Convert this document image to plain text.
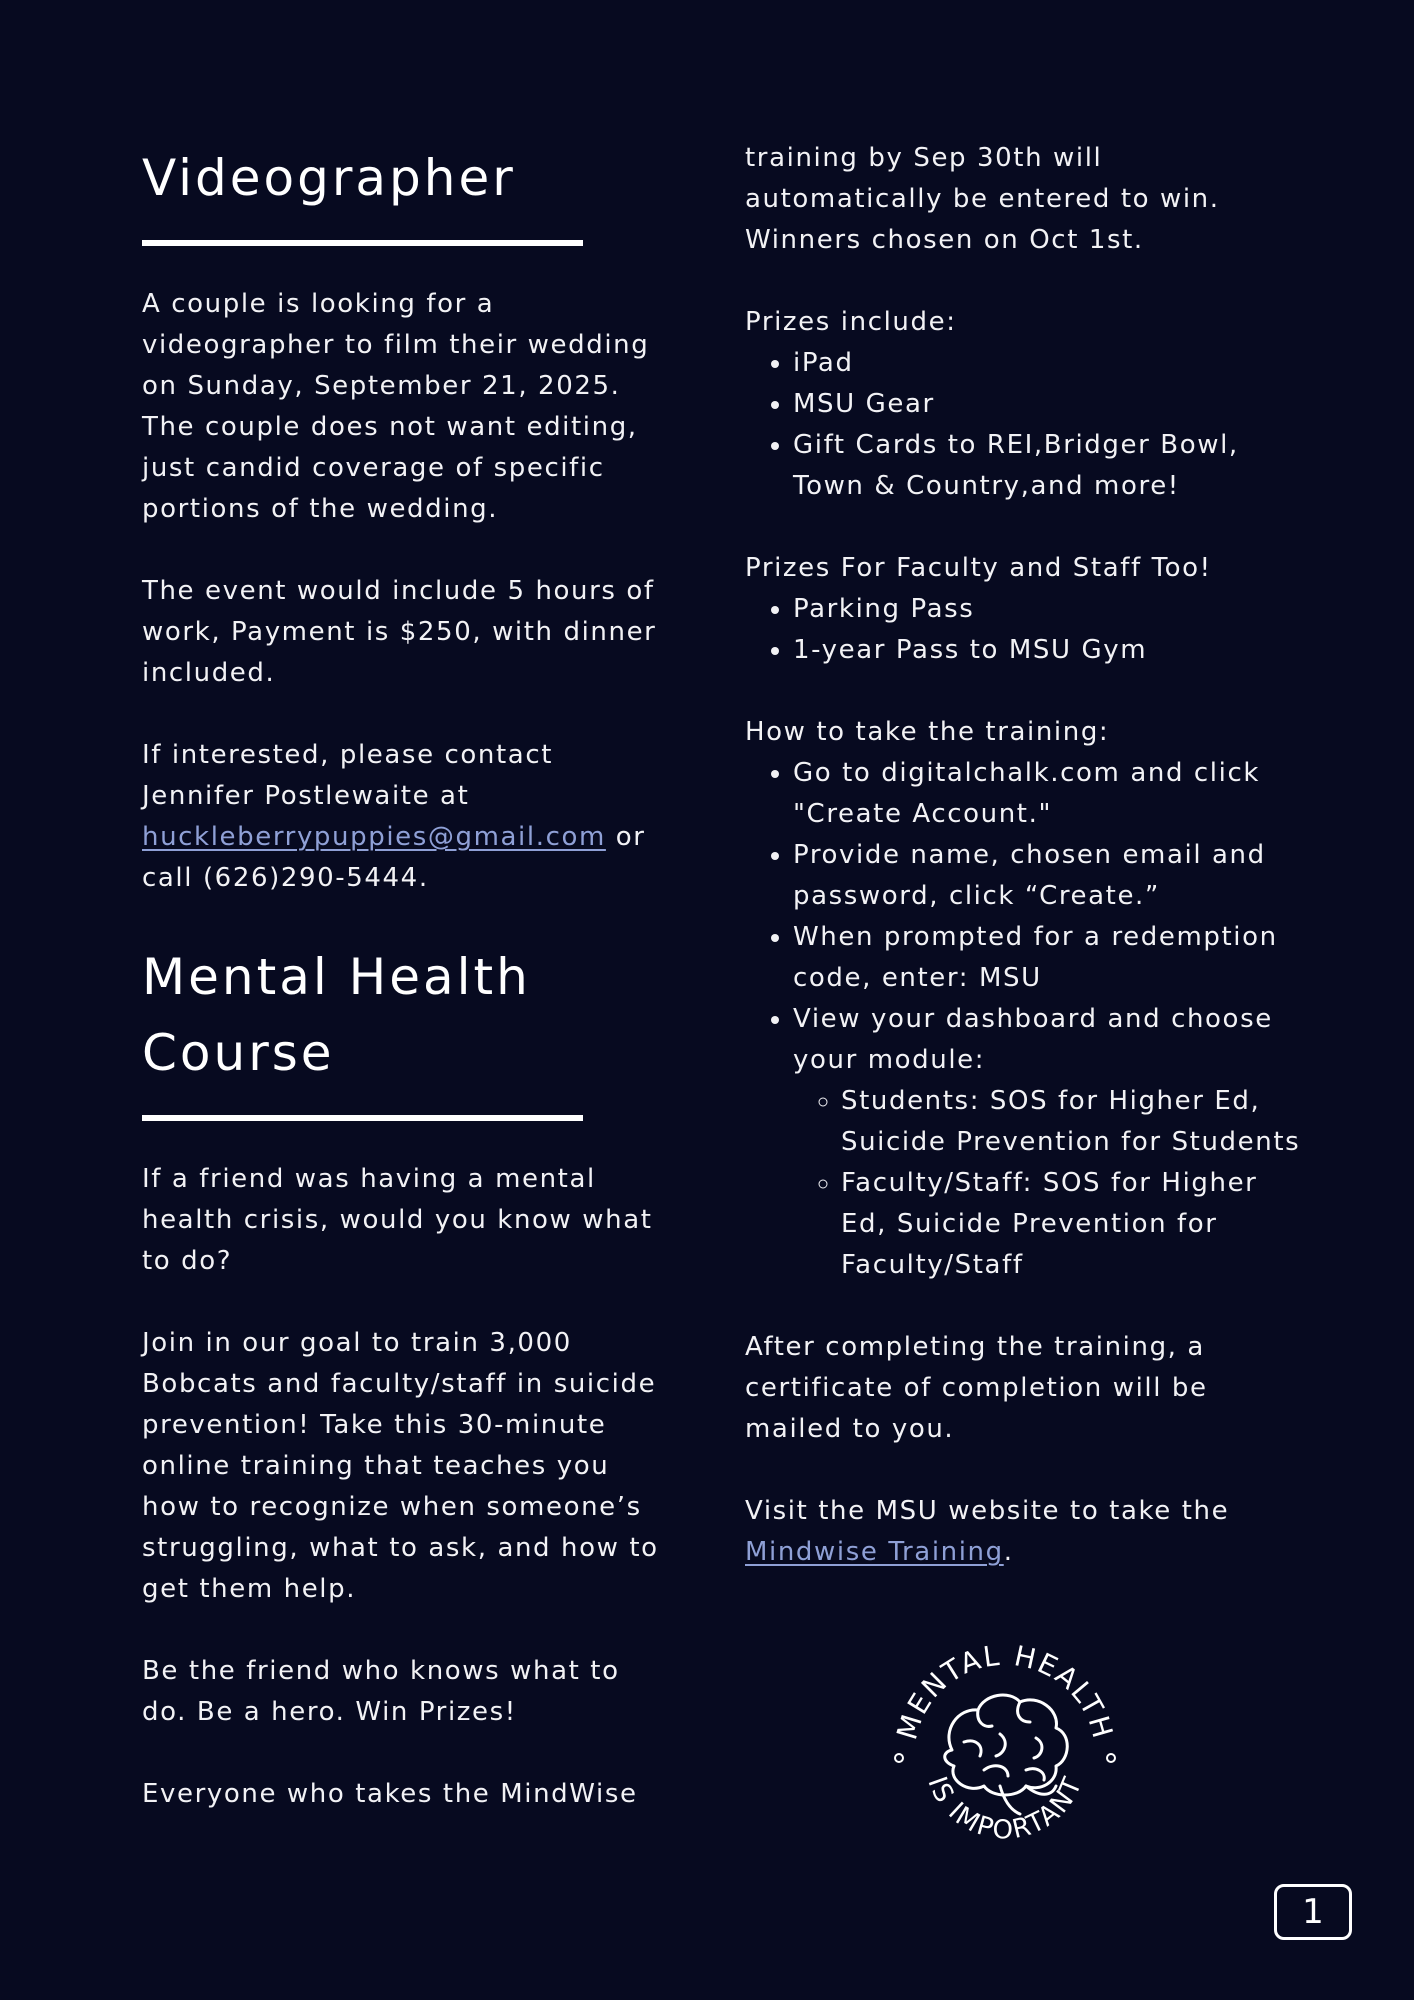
Videographer

A couple is looking for a videographer to film their wedding on Sunday, September 21, 2025. The couple does not want editing, just candid coverage of specific portions of the wedding.

The event would include 5 hours of work, Payment is $250, with dinner included.

If interested, please contact Jennifer Postlewaite at huckleberrypuppies@gmail.com or call (626)290-5444.

Mental Health Course

If a friend was having a mental health crisis, would you know what to do?

Join in our goal to train 3,000 Bobcats and faculty/staff in suicide prevention! Take this 30-minute online training that teaches you how to recognize when someone’s struggling, what to ask, and how to get them help.

Be the friend who knows what to do. Be a hero. Win Prizes!

Everyone who takes the MindWise

training by Sep 30th will automatically be entered to win. Winners chosen on Oct 1st.

Prizes include:

• iPad
• MSU Gear
• Gift Cards to REI,Bridger Bowl, Town & Country,and more!

Prizes For Faculty and Staff Too!

• Parking Pass
• 1-year Pass to MSU Gym

How to take the training:

• Go to digitalchalk.com and click "Create Account."
• Provide name, chosen email and password, click “Create.”
• When prompted for a redemption code, enter: MSU
• View your dashboard and choose your module:
◦ Students: SOS for Higher Ed, Suicide Prevention for Students
◦ Faculty/Staff: SOS for Higher Ed, Suicide Prevention for Faculty/Staff

After completing the training, a certificate of completion will be mailed to you.

Visit the MSU website to take the Mindwise Training.

MENTAL HEALTH
IS IMPORTANT
1
